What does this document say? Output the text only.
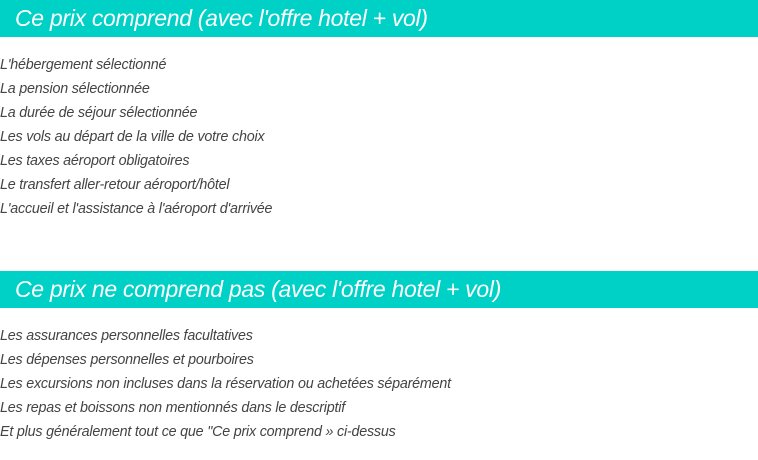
Ce prix comprend (avec l'offre hotel + vol)
L'hébergement sélectionné
La pension sélectionnée
La durée de séjour sélectionnée
Les vols au départ de la ville de votre choix
Les taxes aéroport obligatoires
Le transfert aller-retour aéroport/hôtel
L'accueil et l'assistance à l'aéroport d'arrivée
Ce prix ne comprend pas (avec l'offre hotel + vol)
Les assurances personnelles facultatives
Les dépenses personnelles et pourboires
Les excursions non incluses dans la réservation ou achetées séparément
Les repas et boissons non mentionnés dans le descriptif
Et plus généralement tout ce que "Ce prix comprend » ci-dessus
